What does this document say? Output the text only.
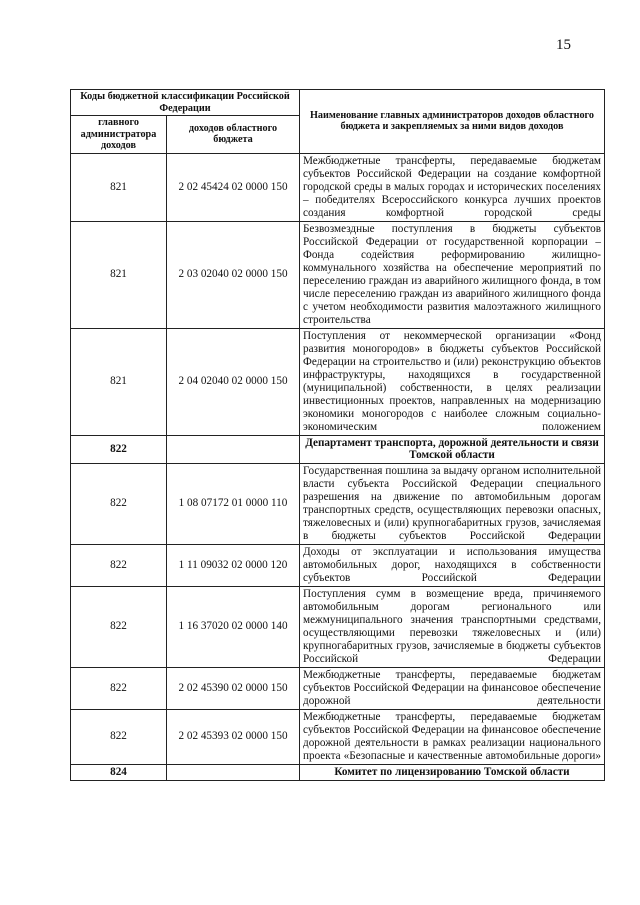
15
Коды бюджетной классификации Российской Федерации		Наименование главных администраторов доходов областного бюджета и закрепляемых за ними видов доходов
главного администратора доходов	доходов областного бюджета	
821	2 02 45424 02 0000 150	Межбюджетные трансферты, передаваемые бюджетам субъектов Российской Федерации на создание комфортной городской среды в малых городах и исторических поселениях – победителях Всероссийского конкурса лучших проектов создания комфортной городской среды
821	2 03 02040 02 0000 150	Безвозмездные поступления в бюджеты субъектов Российской Федерации от государственной корпорации – Фонда содействия реформированию жилищно-коммунального хозяйства на обеспечение мероприятий по переселению граждан из аварийного жилищного фонда, в том числе переселению граждан из аварийного жилищного фонда с учетом необходимости развития малоэтажного жилищного строительства
821	2 04 02040 02 0000 150	Поступления от некоммерческой организации «Фонд развития моногородов» в бюджеты субъектов Российской Федерации на строительство и (или) реконструкцию объектов инфраструктуры, находящихся в государственной (муниципальной) собственности, в целях реализации инвестиционных проектов, направленных на модернизацию экономики моногородов с наиболее сложным социально-экономическим положением
822		Департамент транспорта, дорожной деятельности и связи Томской области
822	1 08 07172 01 0000 110	Государственная пошлина за выдачу органом исполнительной власти субъекта Российской Федерации специального разрешения на движение по автомобильным дорогам транспортных средств, осуществляющих перевозки опасных, тяжеловесных и (или) крупногабаритных грузов, зачисляемая в бюджеты субъектов Российской Федерации
822	1 11 09032 02 0000 120	Доходы от эксплуатации и использования имущества автомобильных дорог, находящихся в собственности субъектов Российской Федерации
822	1 16 37020 02 0000 140	Поступления сумм в возмещение вреда, причиняемого автомобильным дорогам регионального или межмуниципального значения транспортными средствами, осуществляющими перевозки тяжеловесных и (или) крупногабаритных грузов, зачисляемые в бюджеты субъектов Российской Федерации
822	2 02 45390 02 0000 150	Межбюджетные трансферты, передаваемые бюджетам субъектов Российской Федерации на финансовое обеспечение дорожной деятельности
822	2 02 45393 02 0000 150	Межбюджетные трансферты, передаваемые бюджетам субъектов Российской Федерации на финансовое обеспечение дорожной деятельности в рамках реализации национального проекта «Безопасные и качественные автомобильные дороги»
824		Комитет по лицензированию Томской области
